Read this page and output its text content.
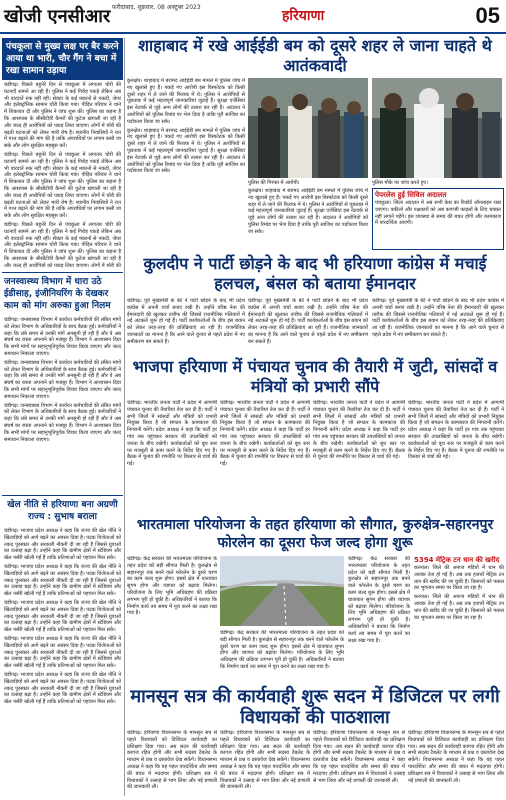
खोजी एनसीआर फ़रीदाबाद, शुक्रवार, 08 अक्टूबर 2023
हरियाणा	05
पंचकूला से मुख्य लक्ष पर बैर करने आया था भारी, चौर गैंग ने बचा में रखा सामान उड़ाया

चंडीगढ़। पिछले बहुतेरे दिन से पंचकूला में लगातार चोरी की घटनाएँ सामने आ रही हैं। पुलिस ने कई गिरोह पकड़े लेकिन अब भी वारदातें रुक नहीं रहीं। सेक्टर के कई मकानों से नकदी, जेवर और इलेक्ट्रॉनिक सामान चोरी किया गया। पीड़ित परिवार ने थाने में शिकायत दी और पुलिस ने जांच शुरू की। पुलिस का कहना है कि आसपास के सीसीटीवी कैमरों की फुटेज खंगाली जा रही है और जल्द ही आरोपियों को पकड़ लिया जाएगा। लोगों में चोरी की बढ़ती घटनाओं को लेकर भारी रोष है। स्थानीय निवासियों ने रात में गश्त बढ़ाने की मांग की है ताकि अपराधियों पर लगाम कसी जा सके और लोग सुरक्षित महसूस करें।

चंडीगढ़। पिछले बहुतेरे दिन से पंचकूला में लगातार चोरी की घटनाएँ सामने आ रही हैं। पुलिस ने कई गिरोह पकड़े लेकिन अब भी वारदातें रुक नहीं रहीं। सेक्टर के कई मकानों से नकदी, जेवर और इलेक्ट्रॉनिक सामान चोरी किया गया। पीड़ित परिवार ने थाने में शिकायत दी और पुलिस ने जांच शुरू की। पुलिस का कहना है कि आसपास के सीसीटीवी कैमरों की फुटेज खंगाली जा रही है और जल्द ही आरोपियों को पकड़ लिया जाएगा। लोगों में चोरी की बढ़ती घटनाओं को लेकर भारी रोष है। स्थानीय निवासियों ने रात में गश्त बढ़ाने की मांग की है ताकि अपराधियों पर लगाम कसी जा सके और लोग सुरक्षित महसूस करें।

चंडीगढ़। पिछले बहुतेरे दिन से पंचकूला में लगातार चोरी की घटनाएँ सामने आ रही हैं। पुलिस ने कई गिरोह पकड़े लेकिन अब भी वारदातें रुक नहीं रहीं। सेक्टर के कई मकानों से नकदी, जेवर और इलेक्ट्रॉनिक सामान चोरी किया गया। पीड़ित परिवार ने थाने में शिकायत दी और पुलिस ने जांच शुरू की। पुलिस का कहना है कि आसपास के सीसीटीवी कैमरों की फुटेज खंगाली जा रही है और जल्द ही आरोपियों को पकड़ लिया जाएगा। लोगों में चोरी की

जनस्वास्थ्य विभाग में धारा उठे ईडीसाह, इंजीनियरिंग के देखकर काम को मांग अरुका हुआ निलम

चंडीगढ़। जनस्वास्थ्य विभाग में कार्यरत कर्मचारियों की लंबित मांगों को लेकर विभाग के अधिकारियों के साथ बैठक हुई। कर्मचारियों ने कहा कि लंबे समय से उनकी मांगें अनसुनी हो रही हैं और वे अब संघर्ष का रास्ता अपनाने को मजबूर हैं। विभाग ने आश्वासन दिया कि सभी मांगों पर सहानुभूतिपूर्वक विचार किया जाएगा और जल्द समाधान निकाला जाएगा।

चंडीगढ़। जनस्वास्थ्य विभाग में कार्यरत कर्मचारियों की लंबित मांगों को लेकर विभाग के अधिकारियों के साथ बैठक हुई। कर्मचारियों ने कहा कि लंबे समय से उनकी मांगें अनसुनी हो रही हैं और वे अब संघर्ष का रास्ता अपनाने को मजबूर हैं। विभाग ने आश्वासन दिया कि सभी मांगों पर सहानुभूतिपूर्वक विचार किया जाएगा और जल्द समाधान निकाला जाएगा।

चंडीगढ़। जनस्वास्थ्य विभाग में कार्यरत कर्मचारियों की लंबित मांगों को लेकर विभाग के अधिकारियों के साथ बैठक हुई। कर्मचारियों ने कहा कि लंबे समय से उनकी मांगें अनसुनी हो रही हैं और वे अब संघर्ष का रास्ता अपनाने को मजबूर हैं। विभाग ने आश्वासन दिया कि सभी मांगों पर सहानुभूतिपूर्वक विचार किया जाएगा और जल्द समाधान निकाला जाएगा।

खेल नीति से हरियाणा बना अग्रणी राज्य : सुभाष बराला

चंडीगढ़। भाजपा प्रदेश अध्यक्ष ने कहा कि राज्य की खेल नीति ने खिलाड़ियों को आगे बढ़ने का अवसर दिया है। पदक विजेताओं को नकद पुरस्कार और सरकारी नौकरी दी जा रही है जिससे युवाओं का उत्साह बढ़ा है। उन्होंने कहा कि ग्रामीण क्षेत्रों में स्टेडियम और खेल नर्सरी खोली गई हैं ताकि प्रतिभाओं को पहचान मिल सके।

चंडीगढ़। भाजपा प्रदेश अध्यक्ष ने कहा कि राज्य की खेल नीति ने खिलाड़ियों को आगे बढ़ने का अवसर दिया है। पदक विजेताओं को नकद पुरस्कार और सरकारी नौकरी दी जा रही है जिससे युवाओं का उत्साह बढ़ा है। उन्होंने कहा कि ग्रामीण क्षेत्रों में स्टेडियम और खेल नर्सरी खोली गई हैं ताकि प्रतिभाओं को पहचान मिल सके।

चंडीगढ़। भाजपा प्रदेश अध्यक्ष ने कहा कि राज्य की खेल नीति ने खिलाड़ियों को आगे बढ़ने का अवसर दिया है। पदक विजेताओं को नकद पुरस्कार और सरकारी नौकरी दी जा रही है जिससे युवाओं का उत्साह बढ़ा है। उन्होंने कहा कि ग्रामीण क्षेत्रों में स्टेडियम और खेल नर्सरी खोली गई हैं ताकि प्रतिभाओं को पहचान मिल सके।

चंडीगढ़। भाजपा प्रदेश अध्यक्ष ने कहा कि राज्य की खेल नीति ने खिलाड़ियों को आगे बढ़ने का अवसर दिया है। पदक विजेताओं को नकद पुरस्कार और सरकारी नौकरी दी जा रही है जिससे युवाओं का उत्साह बढ़ा है। उन्होंने कहा कि ग्रामीण क्षेत्रों में स्टेडियम और खेल नर्सरी खोली गई हैं ताकि प्रतिभाओं को पहचान मिल सके।

चंडीगढ़। भाजपा प्रदेश अध्यक्ष ने कहा कि राज्य की खेल नीति ने खिलाड़ियों को आगे बढ़ने का अवसर दिया है। पदक विजेताओं को नकद पुरस्कार और सरकारी नौकरी दी जा रही है जिससे युवाओं का उत्साह बढ़ा है। उन्होंने कहा कि ग्रामीण क्षेत्रों में स्टेडियम और खेल नर्सरी खोली गई हैं ताकि प्रतिभाओं को पहचान मिल सके।

शाहाबाद में रखे आईईडी बम को दूसरे शहर ले जाना चाहते थे आतंकवादी

कुरुक्षेत्र। शाहाबाद में बरामद आईईडी बम मामले में पुलिस जांच में नए खुलासे हुए हैं। पकड़े गए आरोपी इस विस्फोटक को किसी दूसरे शहर में ले जाने की फिराक में थे। पुलिस ने आरोपियों से पूछताछ में कई महत्वपूर्ण जानकारियां जुटाई हैं। सुरक्षा एजेंसियां इस नेटवर्क से जुड़े अन्य लोगों की तलाश कर रही हैं। अदालत ने आरोपियों को पुलिस रिमांड पर भेज दिया है ताकि पूरी साजिश का पर्दाफाश किया जा सके।

कुरुक्षेत्र। शाहाबाद में बरामद आईईडी बम मामले में पुलिस जांच में नए खुलासे हुए हैं। पकड़े गए आरोपी इस विस्फोटक को किसी दूसरे शहर में ले जाने की फिराक में थे। पुलिस ने आरोपियों से पूछताछ में कई महत्वपूर्ण जानकारियां जुटाई हैं। सुरक्षा एजेंसियां इस नेटवर्क से जुड़े अन्य लोगों की तलाश कर रही हैं। अदालत ने आरोपियों को पुलिस रिमांड पर भेज दिया है ताकि पूरी साजिश का पर्दाफाश किया जा सके।

पुलिस की गिरफ्त में आरोपी।	पुलिस मौके पर जांच करते हुए।

कुरुक्षेत्र। शाहाबाद में बरामद आईईडी बम मामले में पुलिस जांच में नए खुलासे हुए हैं। पकड़े गए आरोपी इस विस्फोटक को किसी दूसरे शहर में ले जाने की फिराक में थे। पुलिस ने आरोपियों से पूछताछ में कई महत्वपूर्ण जानकारियां जुटाई हैं। सुरक्षा एजेंसियां इस नेटवर्क से जुड़े अन्य लोगों की तलाश कर रही हैं। अदालत ने आरोपियों को पुलिस रिमांड पर भेज दिया है ताकि पूरी साजिश का पर्दाफाश किया जा सके।

पेपरलेस हुई सिविल अदालत

पंचकूला। जिला अदालत में अब सभी केस का रिकॉर्ड ऑनलाइन रखा जाएगा। वकीलों और पक्षकारों को अब कागजी फाइलों के लिए चक्कर नहीं लगाने पड़ेंगे। इस व्यवस्था से समय की बचत होगी और कामकाज में पारदर्शिता आएगी।

कुलदीप ने पार्टी छोड़ने के बाद भी हरियाणा कांग्रेस में मचाई हलचल, बंसल को बताया ईमानदार

चंडीगढ़। पूर्व मुख्यमंत्री के बेटे ने पार्टी छोड़ने के बाद भी प्रदेश कांग्रेस में अपनी चर्चा बनाए रखी है। उन्होंने वरिष्ठ नेता की ईमानदारी की खुलकर तारीफ की जिससे राजनीतिक गलियारों में नई अटकलें शुरू हो गई हैं। पार्टी कार्यकर्ताओं के बीच इस बयान को लेकर तरह-तरह की प्रतिक्रियाएं आ रही हैं। राजनीतिक जानकारों का मानना है कि आने वाले चुनाव से पहले प्रदेश में नए समीकरण बन सकते हैं।

चंडीगढ़। पूर्व मुख्यमंत्री के बेटे ने पार्टी छोड़ने के बाद भी प्रदेश कांग्रेस में अपनी चर्चा बनाए रखी है। उन्होंने वरिष्ठ नेता की ईमानदारी की खुलकर तारीफ की जिससे राजनीतिक गलियारों में नई अटकलें शुरू हो गई हैं। पार्टी कार्यकर्ताओं के बीच इस बयान को लेकर तरह-तरह की प्रतिक्रियाएं आ रही हैं। राजनीतिक जानकारों का मानना है कि आने वाले चुनाव से पहले प्रदेश में नए समीकरण बन सकते हैं।

चंडीगढ़। पूर्व मुख्यमंत्री के बेटे ने पार्टी छोड़ने के बाद भी प्रदेश कांग्रेस में अपनी चर्चा बनाए रखी है। उन्होंने वरिष्ठ नेता की ईमानदारी की खुलकर तारीफ की जिससे राजनीतिक गलियारों में नई अटकलें शुरू हो गई हैं। पार्टी कार्यकर्ताओं के बीच इस बयान को लेकर तरह-तरह की प्रतिक्रियाएं आ रही हैं। राजनीतिक जानकारों का मानना है कि आने वाले चुनाव से पहले प्रदेश में नए समीकरण बन सकते हैं।

भाजपा हरियाणा में पंचायत चुनाव की तैयारी में जुटी, सांसदों व मंत्रियों को प्रभारी सौंपे

चंडीगढ़। भारतीय जनता पार्टी ने प्रदेश में आगामी पंचायत चुनाव की तैयारियां तेज कर दी हैं। पार्टी ने सभी जिलों में सांसदों और मंत्रियों को प्रभारी नियुक्त किया है जो संगठन के कामकाज की निगरानी करेंगे। प्रदेश अध्यक्ष ने कहा कि पार्टी हर गांव तक पहुंचकर सरकार की उपलब्धियों को जनता के बीच रखेगी। कार्यकर्ताओं को बूथ स्तर पर मजबूती से काम करने के निर्देश दिए गए हैं। बैठक में चुनाव की रणनीति पर विस्तार से चर्चा की गई।

चंडीगढ़। भारतीय जनता पार्टी ने प्रदेश में आगामी पंचायत चुनाव की तैयारियां तेज कर दी हैं। पार्टी ने सभी जिलों में सांसदों और मंत्रियों को प्रभारी नियुक्त किया है जो संगठन के कामकाज की निगरानी करेंगे। प्रदेश अध्यक्ष ने कहा कि पार्टी हर गांव तक पहुंचकर सरकार की उपलब्धियों को जनता के बीच रखेगी। कार्यकर्ताओं को बूथ स्तर पर मजबूती से काम करने के निर्देश दिए गए हैं। बैठक में चुनाव की रणनीति पर विस्तार से चर्चा की गई।

चंडीगढ़। भारतीय जनता पार्टी ने प्रदेश में आगामी पंचायत चुनाव की तैयारियां तेज कर दी हैं। पार्टी ने सभी जिलों में सांसदों और मंत्रियों को प्रभारी नियुक्त किया है जो संगठन के कामकाज की निगरानी करेंगे। प्रदेश अध्यक्ष ने कहा कि पार्टी हर गांव तक पहुंचकर सरकार की उपलब्धियों को जनता के बीच रखेगी। कार्यकर्ताओं को बूथ स्तर पर मजबूती से काम करने के निर्देश दिए गए हैं। बैठक में चुनाव की रणनीति पर विस्तार से चर्चा की गई।

चंडीगढ़। भारतीय जनता पार्टी ने प्रदेश में आगामी पंचायत चुनाव की तैयारियां तेज कर दी हैं। पार्टी ने सभी जिलों में सांसदों और मंत्रियों को प्रभारी नियुक्त किया है जो संगठन के कामकाज की निगरानी करेंगे। प्रदेश अध्यक्ष ने कहा कि पार्टी हर गांव तक पहुंचकर सरकार की उपलब्धियों को जनता के बीच रखेगी। कार्यकर्ताओं को बूथ स्तर पर मजबूती से काम करने के निर्देश दिए गए हैं। बैठक में चुनाव की रणनीति पर विस्तार से चर्चा की गई।

भारतमाला परियोजना के तहत हरियाणा को सौगात, कुरुक्षेत्र-सहारनपुर फोरलेन का दूसरा फेज जल्द होगा शुरू

चंडीगढ़। केंद्र सरकार की भारतमाला परियोजना के तहत प्रदेश को बड़ी सौगात मिली है। कुरुक्षेत्र से सहारनपुर तक बनने वाले फोरलेन के दूसरे चरण का काम जल्द शुरू होगा। इससे क्षेत्र में यातायात सुगम होगा और व्यापार को बढ़ावा मिलेगा। परियोजना के लिए भूमि अधिग्रहण की प्रक्रिया लगभग पूरी हो चुकी है। अधिकारियों ने बताया कि निर्माण कार्य तय समय में पूरा करने का लक्ष्य रखा गया है।

चंडीगढ़। केंद्र सरकार की भारतमाला परियोजना के तहत प्रदेश को बड़ी सौगात मिली है। कुरुक्षेत्र से सहारनपुर तक बनने वाले फोरलेन के दूसरे चरण का काम जल्द शुरू होगा। इससे क्षेत्र में यातायात सुगम होगा और व्यापार को बढ़ावा मिलेगा। परियोजना के लिए भूमि अधिग्रहण की प्रक्रिया लगभग पूरी हो चुकी है। अधिकारियों ने बताया कि निर्माण कार्य तय समय में पूरा करने का लक्ष्य रखा गया है।

चंडीगढ़। केंद्र सरकार की भारतमाला परियोजना के तहत प्रदेश को बड़ी सौगात मिली है। कुरुक्षेत्र से सहारनपुर तक बनने वाले फोरलेन के दूसरे चरण का काम जल्द शुरू होगा। इससे क्षेत्र में यातायात सुगम होगा और व्यापार को बढ़ावा मिलेगा। परियोजना के लिए भूमि अधिग्रहण की प्रक्रिया लगभग पूरी हो चुकी है। अधिकारियों ने बताया कि निर्माण कार्य तय समय में पूरा करने का लक्ष्य रखा गया है।

5394 मेट्रिक टन धान की खरीद

करनाल। जिले की अनाज मंडियों में धान की आवक तेज हो गई है। अब तक हजारों मेट्रिक टन धान की खरीद की जा चुकी है। किसानों को फसल का भुगतान समय पर किया जा रहा है।

करनाल। जिले की अनाज मंडियों में धान की आवक तेज हो गई है। अब तक हजारों मेट्रिक टन धान की खरीद की जा चुकी है। किसानों को फसल का भुगतान समय पर किया जा रहा है।

मानसून सत्र की कार्यवाही शुरू सदन में डिजिटल पर लगी विधायकों की पाठशाला

चंडीगढ़। हरियाणा विधानसभा के मानसून सत्र से पहले विधायकों को डिजिटल कार्यवाही का प्रशिक्षण दिया गया। अब सदन की कार्यवाही कागज रहित होगी और सभी सदस्य टैबलेट के माध्यम से प्रश्न व दस्तावेज देख सकेंगे। विधानसभा अध्यक्ष ने कहा कि यह पहल पारदर्शिता और समय की बचत में मददगार होगी। प्रशिक्षण सत्र में विधायकों ने उत्साह से भाग लिया और नई प्रणाली की जानकारी ली।

चंडीगढ़। हरियाणा विधानसभा के मानसून सत्र से पहले विधायकों को डिजिटल कार्यवाही का प्रशिक्षण दिया गया। अब सदन की कार्यवाही कागज रहित होगी और सभी सदस्य टैबलेट के माध्यम से प्रश्न व दस्तावेज देख सकेंगे। विधानसभा अध्यक्ष ने कहा कि यह पहल पारदर्शिता और समय की बचत में मददगार होगी। प्रशिक्षण सत्र में विधायकों ने उत्साह से भाग लिया और नई प्रणाली की जानकारी ली।

चंडीगढ़। हरियाणा विधानसभा के मानसून सत्र से पहले विधायकों को डिजिटल कार्यवाही का प्रशिक्षण दिया गया। अब सदन की कार्यवाही कागज रहित होगी और सभी सदस्य टैबलेट के माध्यम से प्रश्न व दस्तावेज देख सकेंगे। विधानसभा अध्यक्ष ने कहा कि यह पहल पारदर्शिता और समय की बचत में मददगार होगी। प्रशिक्षण सत्र में विधायकों ने उत्साह से भाग लिया और नई प्रणाली की जानकारी ली।

चंडीगढ़। हरियाणा विधानसभा के मानसून सत्र से पहले विधायकों को डिजिटल कार्यवाही का प्रशिक्षण दिया गया। अब सदन की कार्यवाही कागज रहित होगी और सभी सदस्य टैबलेट के माध्यम से प्रश्न व दस्तावेज देख सकेंगे। विधानसभा अध्यक्ष ने कहा कि यह पहल पारदर्शिता और समय की बचत में मददगार होगी। प्रशिक्षण सत्र में विधायकों ने उत्साह से भाग लिया और नई प्रणाली की जानकारी ली।
